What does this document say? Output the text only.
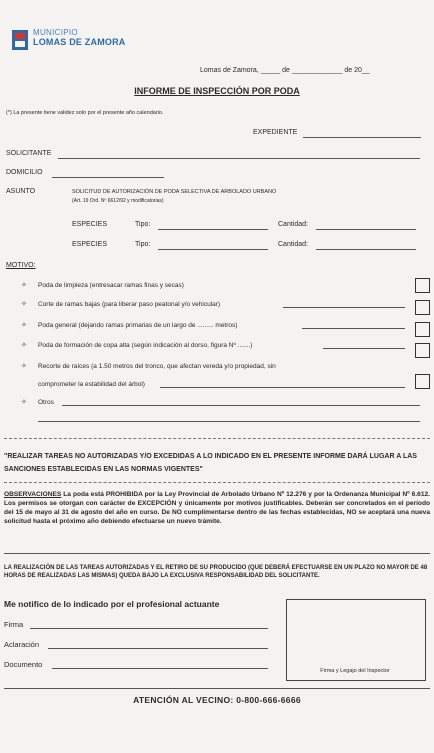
MUNICIPIO
LOMAS DE ZAMORA
Lomas de Zamora, _____ de _____________ de 20__
INFORME DE INSPECCIÓN POR PODA
(*) La presente tiene validez solo por el presente año calendario.
EXPEDIENTE
SOLICITANTE
DOMICILIO
ASUNTO	SOLICITUD DE AUTORIZACIÓN DE PODA SELECTIVA DE ARBOLADO URBANO
(Art. 19 Ord. Nº 6612/92 y modificatorias)
ESPECIES	Tipo:	Cantidad:
ESPECIES	Tipo:	Cantidad:
MOTIVO:
✧ Poda de limpieza (entresacar ramas finas y secas)
✧ Corte de ramas bajas (para liberar paso peatonal y/o vehicular)
✧ Poda general (dejando ramas primarias de un largo de ......... metros)
✧ Poda de formación de copa alta (según indicación al dorso, figura Nº .......)
✧ Recorte de raíces (a 1.50 metros del tronco, que afectan vereda y/o propiedad, sin
comprometer la estabilidad del árbol)
✧ Otros
"REALIZAR TAREAS NO AUTORIZADAS Y/O EXCEDIDAS A LO INDICADO EN EL PRESENTE INFORME DARÁ LUGAR A LAS SANCIONES ESTABLECIDAS EN LAS NORMAS VIGENTES"
OBSERVACIONES La poda está PROHIBIDA por la Ley Provincial de Arbolado Urbano Nº 12.276 y por la Ordenanza Municipal Nº 6.612. Los permisos se otorgan con carácter de EXCEPCIÓN y únicamente por motivos justificables. Deberán ser concretados en el período del 15 de mayo al 31 de agosto del año en curso. De NO cumplimentarse dentro de las fechas establecidas, NO se aceptará una nueva solicitud hasta el próximo año debiendo efectuarse un nuevo trámite.
LA REALIZACIÓN DE LAS TAREAS AUTORIZADAS Y EL RETIRO DE SU PRODUCIDO (QUE DEBERÁ EFECTUARSE EN UN PLAZO NO MAYOR DE 48 HORAS DE REALIZADAS LAS MISMAS) QUEDA BAJO LA EXCLUSIVA RESPONSABILIDAD DEL SOLICITANTE.
Me notifico de lo indicado por el profesional actuante
Firma
Aclaración
Documento
Firma y Legajo del Inspector
ATENCIÓN AL VECINO: 0-800-666-6666
